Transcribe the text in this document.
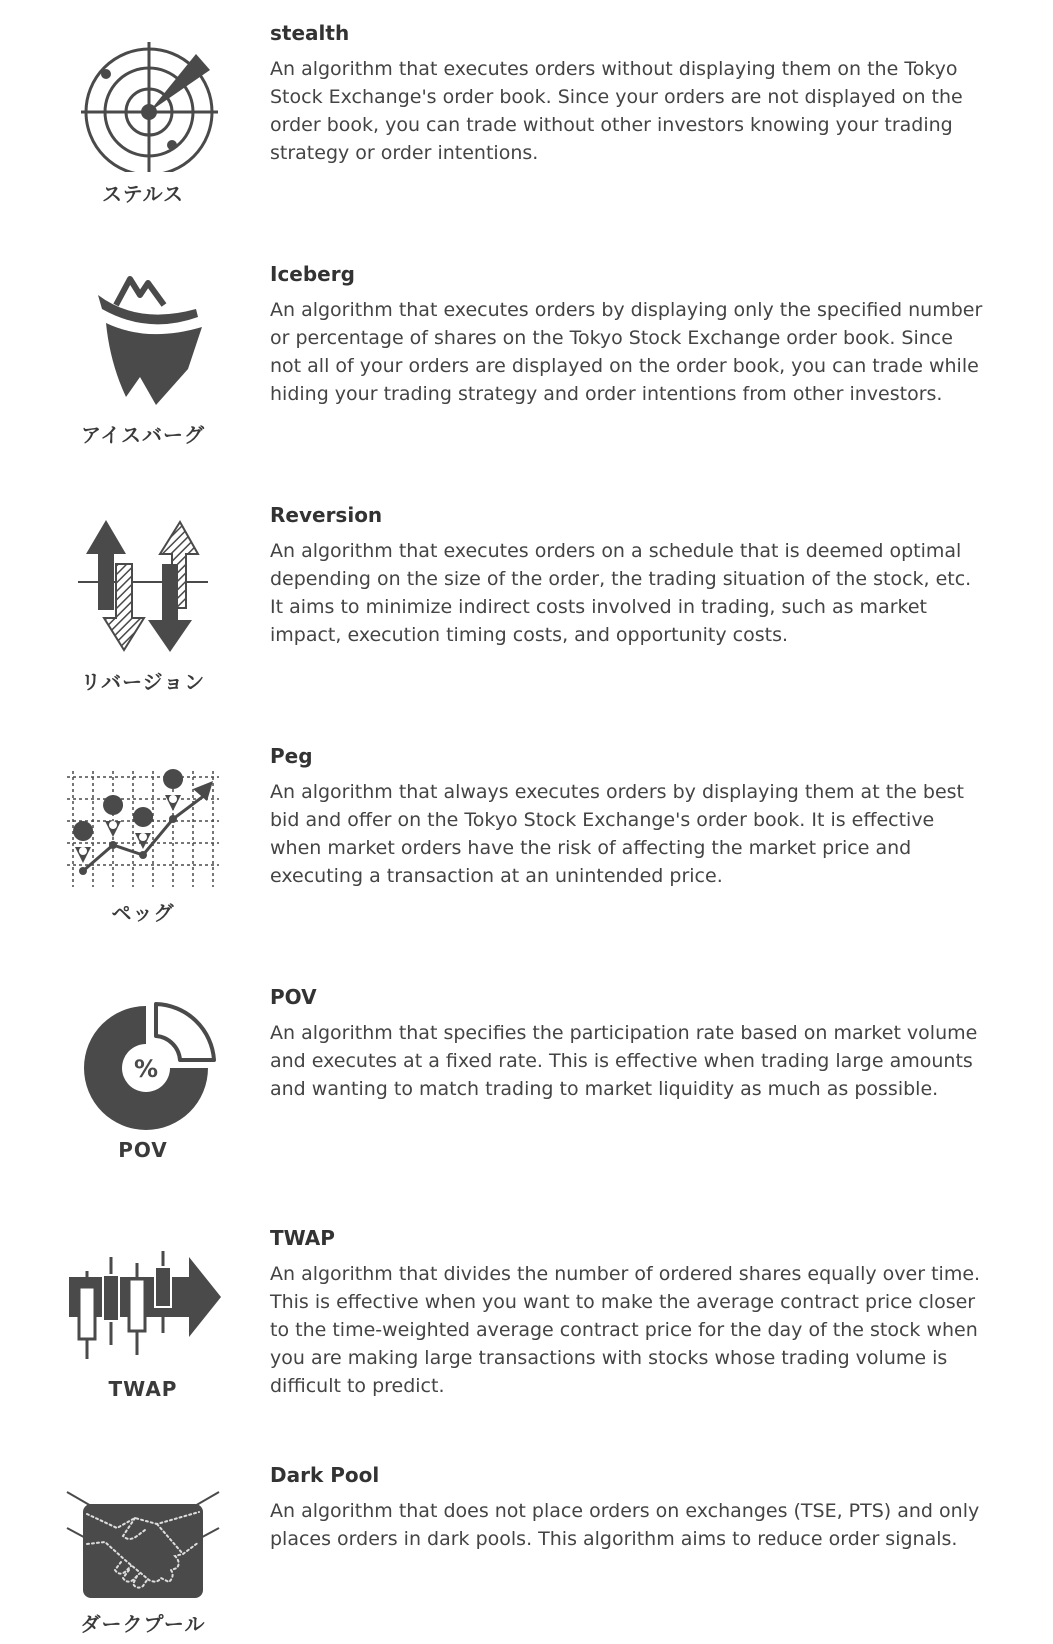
ステルス
stealth

An algorithm that executes orders without displaying them on the Tokyo Stock Exchange's order book. Since your orders are not displayed on the order book, you can trade without other investors knowing your trading strategy or order intentions.

アイスバーグ
Iceberg

An algorithm that executes orders by displaying only the specified number or percentage of shares on the Tokyo Stock Exchange order book. Since not all of your orders are displayed on the order book, you can trade while hiding your trading strategy and order intentions from other investors.

リバージョン
Reversion

An algorithm that executes orders on a schedule that is deemed optimal depending on the size of the order, the trading situation of the stock, etc. It aims to minimize indirect costs involved in trading, such as market impact, execution timing costs, and opportunity costs.

ペッグ
Peg

An algorithm that always executes orders by displaying them at the best bid and offer on the Tokyo Stock Exchange's order book. It is effective when market orders have the risk of affecting the market price and executing a transaction at an unintended price.

%
POV
POV

An algorithm that specifies the participation rate based on market volume and executes at a fixed rate. This is effective when trading large amounts and wanting to match trading to market liquidity as much as possible.

TWAP
TWAP

An algorithm that divides the number of ordered shares equally over time. This is effective when you want to make the average contract price closer to the time-weighted average contract price for the day of the stock when you are making large transactions with stocks whose trading volume is difficult to predict.

ダークプール
Dark Pool

An algorithm that does not place orders on exchanges (TSE, PTS) and only places orders in dark pools. This algorithm aims to reduce order signals.
